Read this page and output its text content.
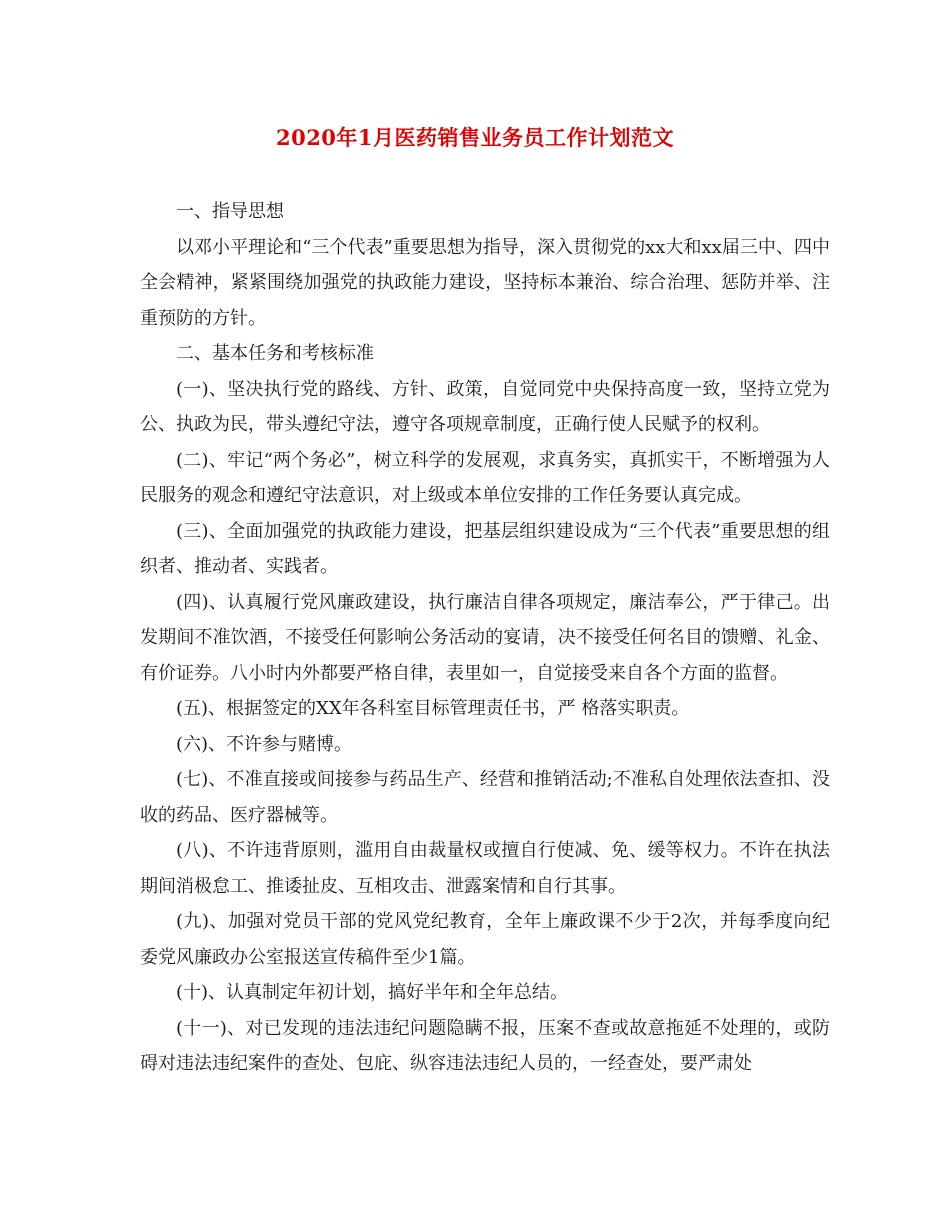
2020年1月医药销售业务员工作计划范文

一、指导思想

以邓小平理论和“三个代表”重要思想为指导，深入贯彻党的xx大和xx届三中、四中全会精神，紧紧围绕加强党的执政能力建设，坚持标本兼治、综合治理、惩防并举、注重预防的方针。

二、基本任务和考核标准

(一)、坚决执行党的路线、方针、政策，自觉同党中央保持高度一致，坚持立党为公、执政为民，带头遵纪守法，遵守各项规章制度，正确行使人民赋予的权利。

(二)、牢记“两个务必”，树立科学的发展观，求真务实，真抓实干，不断增强为人民服务的观念和遵纪守法意识，对上级或本单位安排的工作任务要认真完成。

(三)、全面加强党的执政能力建设，把基层组织建设成为“三个代表”重要思想的组织者、推动者、实践者。

(四)、认真履行党风廉政建设，执行廉洁自律各项规定，廉洁奉公，严于律己。出发期间不准饮酒，不接受任何影响公务活动的宴请，决不接受任何名目的馈赠、礼金、有价证券。八小时内外都要严格自律，表里如一，自觉接受来自各个方面的监督。

(五)、根据签定的XX年各科室目标管理责任书，严 格落实职责。

(六)、不许参与赌博。

(七)、不准直接或间接参与药品生产、经营和推销活动;不准私自处理依法查扣、没收的药品、医疗器械等。

(八)、不许违背原则，滥用自由裁量权或擅自行使减、免、缓等权力。不许在执法期间消极怠工、推诿扯皮、互相攻击、泄露案情和自行其事。

(九)、加强对党员干部的党风党纪教育，全年上廉政课不少于2次，并每季度向纪委党风廉政办公室报送宣传稿件至少1篇。

(十)、认真制定年初计划，搞好半年和全年总结。

(十一)、对已发现的违法违纪问题隐瞒不报，压案不查或故意拖延不处理的，或防碍对违法违纪案件的查处、包庇、纵容违法违纪人员的，一经查处，要严肃处
